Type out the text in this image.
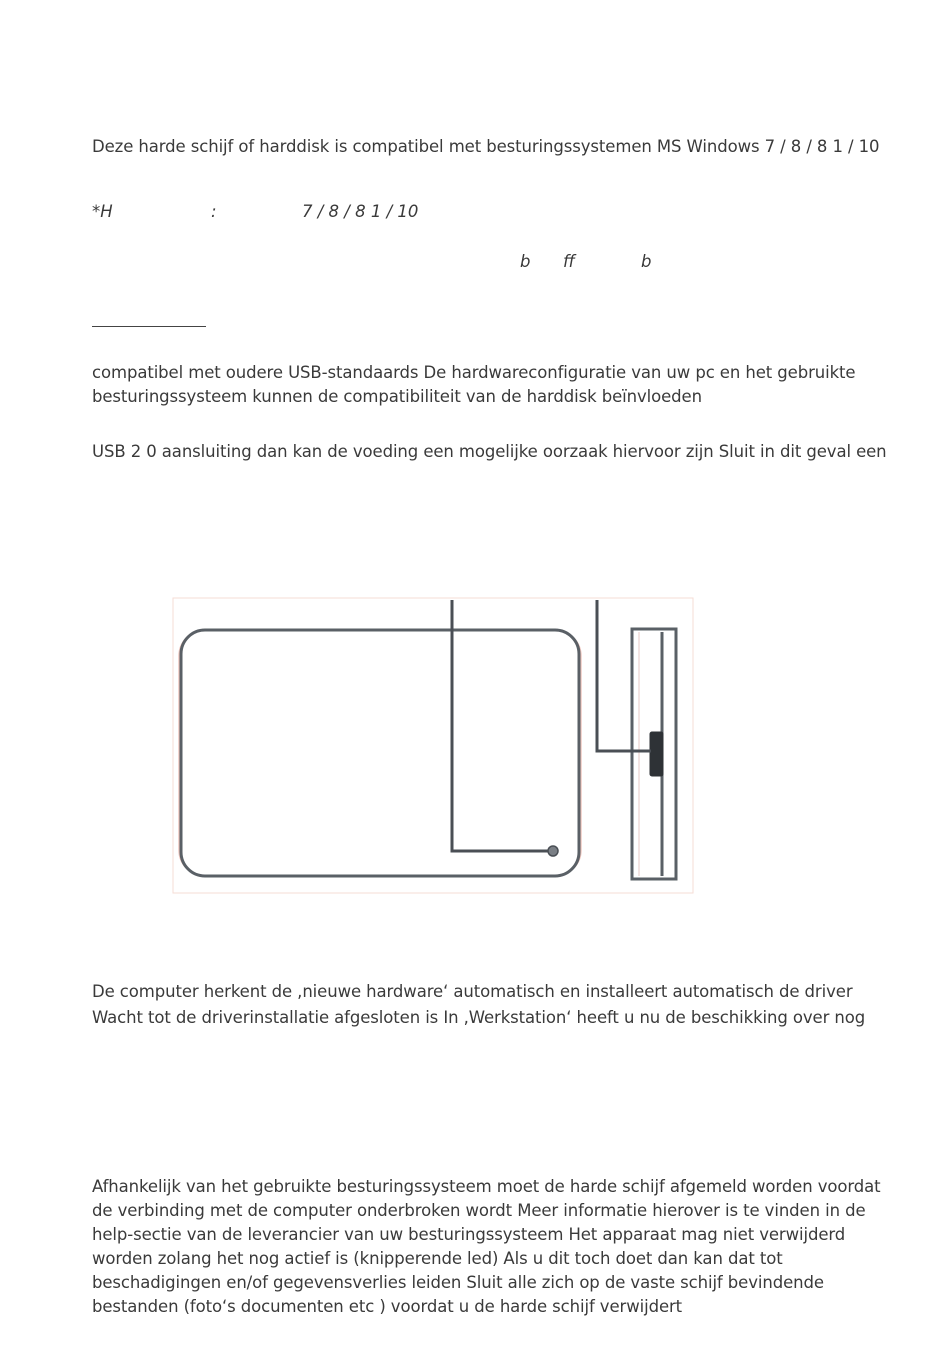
Deze harde schijf of harddisk is compatibel met besturingssystemen MS Windows 7 / 8 / 8 1 / 10
*H	:	7 / 8 / 8 1 / 10
b ff	b
compatibel met oudere USB-standaards De hardwareconfiguratie van uw pc en het gebruikte
besturingssysteem kunnen de compatibiliteit van de harddisk beïnvloeden
USB 2 0 aansluiting dan kan de voeding een mogelijke oorzaak hiervoor zijn Sluit in dit geval een
De computer herkent de ,nieuwe hardware‘ automatisch en installeert automatisch de driver
Wacht tot de driverinstallatie afgesloten is In ,Werkstation‘ heeft u nu de beschikking over nog
Afhankelijk van het gebruikte besturingssysteem moet de harde schijf afgemeld worden voordat
de verbinding met de computer onderbroken wordt Meer informatie hierover is te vinden in de
help-sectie van de leverancier van uw besturingssysteem Het apparaat mag niet verwijderd
worden zolang het nog actief is (knipperende led) Als u dit toch doet dan kan dat tot
beschadigingen en/of gegevensverlies leiden Sluit alle zich op de vaste schijf bevindende
bestanden (foto‘s documenten etc ) voordat u de harde schijf verwijdert
